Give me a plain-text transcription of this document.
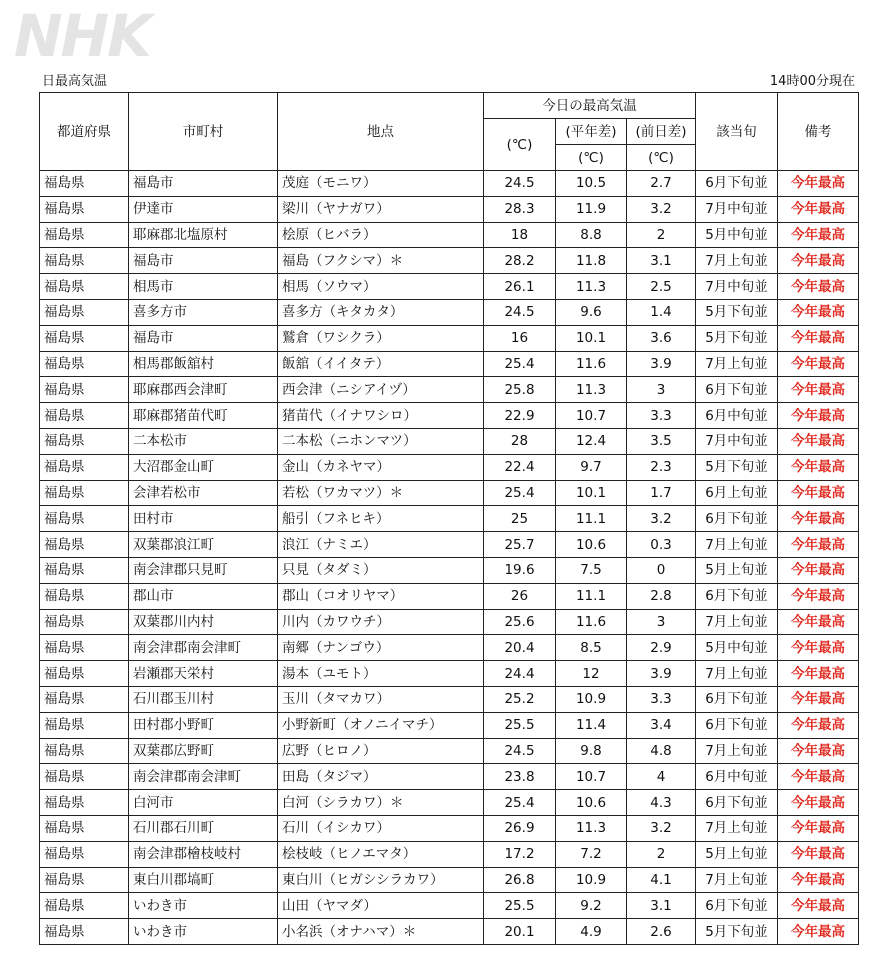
NHK
日最高気温	14時00分現在
都道府県	市町村	地点	今日の最高気温			該当旬	備考
			(℃)	(平年差)	(前日差)		
				(℃)	(℃)		
福島県	福島市	茂庭（モニワ）	24.5	10.5	2.7	6月下旬並	今年最高
福島県	伊達市	梁川（ヤナガワ）	28.3	11.9	3.2	7月中旬並	今年最高
福島県	耶麻郡北塩原村	桧原（ヒバラ）	18	8.8	2	5月中旬並	今年最高
福島県	福島市	福島（フクシマ）＊	28.2	11.8	3.1	7月上旬並	今年最高
福島県	相馬市	相馬（ソウマ）	26.1	11.3	2.5	7月中旬並	今年最高
福島県	喜多方市	喜多方（キタカタ）	24.5	9.6	1.4	5月下旬並	今年最高
福島県	福島市	鷲倉（ワシクラ）	16	10.1	3.6	5月下旬並	今年最高
福島県	相馬郡飯舘村	飯舘（イイタテ）	25.4	11.6	3.9	7月上旬並	今年最高
福島県	耶麻郡西会津町	西会津（ニシアイヅ）	25.8	11.3	3	6月下旬並	今年最高
福島県	耶麻郡猪苗代町	猪苗代（イナワシロ）	22.9	10.7	3.3	6月中旬並	今年最高
福島県	二本松市	二本松（ニホンマツ）	28	12.4	3.5	7月中旬並	今年最高
福島県	大沼郡金山町	金山（カネヤマ）	22.4	9.7	2.3	5月下旬並	今年最高
福島県	会津若松市	若松（ワカマツ）＊	25.4	10.1	1.7	6月上旬並	今年最高
福島県	田村市	船引（フネヒキ）	25	11.1	3.2	6月下旬並	今年最高
福島県	双葉郡浪江町	浪江（ナミエ）	25.7	10.6	0.3	7月上旬並	今年最高
福島県	南会津郡只見町	只見（タダミ）	19.6	7.5	0	5月上旬並	今年最高
福島県	郡山市	郡山（コオリヤマ）	26	11.1	2.8	6月下旬並	今年最高
福島県	双葉郡川内村	川内（カワウチ）	25.6	11.6	3	7月上旬並	今年最高
福島県	南会津郡南会津町	南郷（ナンゴウ）	20.4	8.5	2.9	5月中旬並	今年最高
福島県	岩瀬郡天栄村	湯本（ユモト）	24.4	12	3.9	7月上旬並	今年最高
福島県	石川郡玉川村	玉川（タマカワ）	25.2	10.9	3.3	6月下旬並	今年最高
福島県	田村郡小野町	小野新町（オノニイマチ）	25.5	11.4	3.4	6月下旬並	今年最高
福島県	双葉郡広野町	広野（ヒロノ）	24.5	9.8	4.8	7月上旬並	今年最高
福島県	南会津郡南会津町	田島（タジマ）	23.8	10.7	4	6月中旬並	今年最高
福島県	白河市	白河（シラカワ）＊	25.4	10.6	4.3	6月下旬並	今年最高
福島県	石川郡石川町	石川（イシカワ）	26.9	11.3	3.2	7月上旬並	今年最高
福島県	南会津郡檜枝岐村	桧枝岐（ヒノエマタ）	17.2	7.2	2	5月上旬並	今年最高
福島県	東白川郡塙町	東白川（ヒガシシラカワ）	26.8	10.9	4.1	7月上旬並	今年最高
福島県	いわき市	山田（ヤマダ）	25.5	9.2	3.1	6月下旬並	今年最高
福島県	いわき市	小名浜（オナハマ）＊	20.1	4.9	2.6	5月下旬並	今年最高
